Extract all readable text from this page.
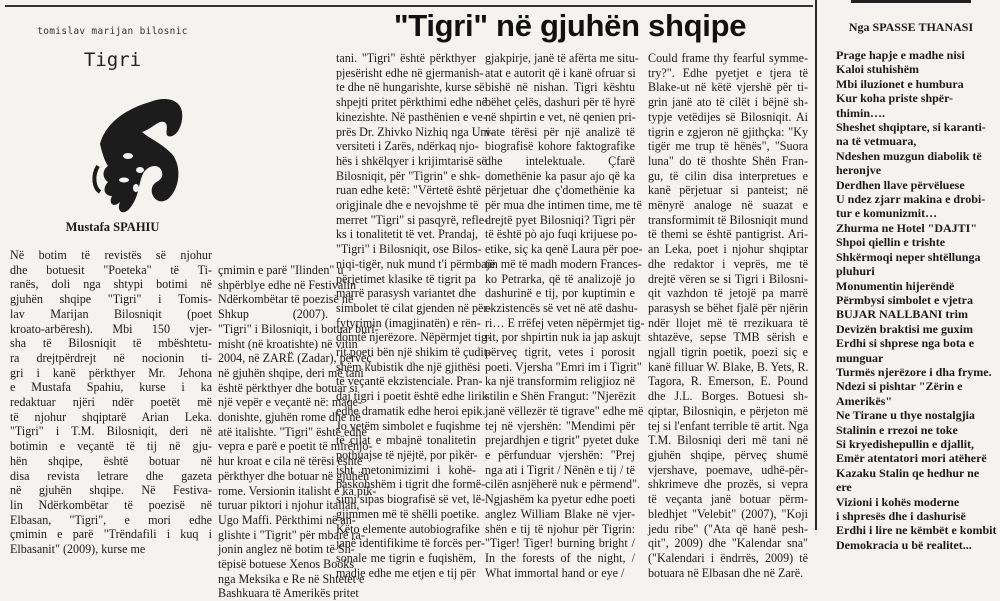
tomislav marijan bilosnic
Tigri
"Tigri" në gjuhën shqipe
Mustafa SPAHIU
Në botim të revistës së njohur
dhe botuesit "Poeteka" të Ti-
ranës, doli nga shtypi botimi në
gjuhën shqipe "Tigri" i Tomis-
lav Marijan Bilosniqit (poet
kroato-arbëresh). Mbi 150 vjer-
sha të Bilosniqit të mbështetu-
ra drejtpërdrejt në nocionin ti-
gri i kanë përkthyer Mr. Jehona
e Mustafa Spahiu, kurse i ka
redaktuar njëri ndër poetët më
të njohur shqiptarë Arian Leka.
"Tigri" i T.M. Bilosniqit, deri në
botimin e veçantë të tij në gju-
hën shqipe, është botuar në
disa revista letrare dhe gazeta
në gjuhën shqipe. Në Festiva-
lin Ndërkombëtar të poezisë në
Elbasan, "Tigri", e mori edhe
çmimin e parë "Trëndafili i kuq i
Elbasanit" (2009), kurse me
çmimin e parë "Ilinden" u
shpërblye edhe në Festivalin
Ndërkombëtar të poezisë në
Shkup (2007).
"Tigri" i Bilosniqit, i botuar buri-
misht (në kroatishte) në vitin
2004, në ZARË (Zadar), përveç
në gjuhën shqipe, deri më tani
është përkthyer dhe botuar si
një vepër e veçantë në: maqe-
donishte, gjuhën rome dhe në
atë italishte. "Tigri" është edhe
vepra e parë e poetit të mirënjo-
hur kroat e cila në tërësi është
përkthyer dhe botuar në gjuhën
rome. Versionin italisht e ka pik-
turuar piktori i njohur italian,
Ugo Maffi. Përkthimi në an-
glishte i "Tigrit" për mbarë ra-
jonin anglez në botim të Sh-
tëpisë botuese Xenos Books
nga Meksika e Re në Shtetet e
Bashkuara të Amerikës pritet
tani. "Tigri" është përkthyer
pjesërisht edhe në gjermanish-
te dhe në hungarishte, kurse së
shpejti pritet përkthimi edhe në
kinezishte. Në pasthënien e ve-
prës Dr. Zhivko Nizhiq nga Uni-
versiteti i Zarës, ndërkaq njo-
hës i shkëlqyer i krijimtarisë së
Bilosniqit, për "Tigrin" e shk-
ruan edhe ketë: "Vërtetë është
origjinale dhe e nevojshme të
merret "Tigri" si pasqyrë, refle-
ks i tonalitetit të vet. Prandaj,
"Tigri" i Bilosniqit, ose Bilos-
niqi-tigër, nuk mund t'i përmbajë
përjetimet klasike të tigrit pa
marrë parasysh variantet dhe
simbolet të cilat gjenden në për-
fytyrimin (imagjinatën) e rën-
domtë njerëzore. Nëpërmjet tig-
rit poeti bën një shikim të çudit-
shëm kubistik dhe një gjithësi
të veçantë ekzistenciale. Pran-
daj tigri i poetit është edhe lirik
edhe dramatik edhe heroi epik.
Jo vetëm simbolet e fuqishme
të cilat e mbajnë tonalitetin
pothuajse të njëjtë, por pikër-
isht metonimizimi i kohë-
paskohshëm i tigrit dhe formë-
simi sipas biografisë së vet, lë-
gjimmen më të shëlli poetike.
Këto elemente autobiografike
janë identifikime të forcës per-
sonale me tigrin e fuqishëm,
madje edhe me etjen e tij për
gjakpirje, janë të afërta me situ-
atat e autorit që i kanë ofruar si
bishë në nishan. Tigri kështu
bëhet çelës, dashuri për të hyrë
në shpirtin e vet, në qenien pri-
vate tërësi për një analizë të
biografisë kohore faktografike
dhe intelektuale. Çfarë
domethënie ka pasur ajo që ka
përjetuar dhe ç'domethënie ka
për mua dhe intimen time, me të
drejtë pyet Bilosniqi? Tigri për
të është pò ajo fuqi krijuese po-
etike, siç ka qenë Laura për poe-
tin më të madh modern Frances-
ko Petrarka, që të analizojë jo
dashurinë e tij, por kuptimin e
ekzistencës së vet në atë dashu-
ri… E rrëfej veten nëpërmjet tig-
rit, por shpirtin nuk ia jap askujt
përveç tigrit, vetes i porosit
poeti. Vjersha "Emri im i Tigrit"
ka një transformim religjioz në
stilin e Shën Frangut: "Njerëzit
janë vëllezër të tigrave" edhe më
tej në vjershën: "Mendimi për
prejardhjen e tigrit" pyetet duke
e përfunduar vjershën: "Prej
nga ati i Tigrit / Nënën e tij / të
cilën asnjëherë nuk e përmend".
Ngjashëm ka pyetur edhe poeti
anglez William Blake në vjer-
shën e tij të njohur për Tigrin:
"Tiger! Tiger! burning bright /
In the forests of the night, /
What immortal hand or eye /
Could frame thy fearful symme-
try?". Edhe pyetjet e tjera të
Blake-ut në këtë vjershë për ti-
grin janë ato të cilët i bëjnë sh-
typje vetëdijes së Bilosniqit. Ai
tigrin e zgjeron në gjithçka: "Ky
tigër me trup të hënës", "Suora
luna" do të thoshte Shën Fran-
gu, të cilin disa interpretues e
kanë përjetuar si panteist; në
mënyrë analoge në suazat e
transformimit të Bilosniqit mund
të themi se është pantigrist. Ari-
an Leka, poet i njohur shqiptar
dhe redaktor i veprës, me të
drejtë vëren se si Tigri i Bilosni-
qit vazhdon të jetojë pa marrë
parasysh se bëhet fjalë për njërin
ndër llojet më të rrezikuara të
shtazëve, sepse TMB sërish e
ngjall tigrin poetik, poezi siç e
kanë filluar W. Blake, B. Yets, R.
Tagora, R. Emerson, E. Pound
dhe J.L. Borges. Botuesi sh-
qiptar, Bilosniqin, e përjeton më
tej si l'enfant terrible të artit. Nga
T.M. Bilosniqi deri më tani në
gjuhën shqipe, përveç shumë
vjershave, poemave, udhë-për-
shkrimeve dhe prozës, si vepra
të veçanta janë botuar përm-
bledhjet "Velebit" (2007), "Koji
jedu ribe" ("Ata që hanë pesh-
qit", 2009) dhe "Kalendar sna"
("Kalendari i ëndrrës, 2009) të
botuara në Elbasan dhe në Zarë.
Nga SPASSE THANASI
Prage hapje e madhe nisi
Kaloi stuhishëm
Mbi iluzionet e humbura
Kur koha priste shpër-
thimin….
Sheshet shqiptare, si karanti-
na të vetmuara,
Ndeshen muzgun diabolik të
heronjve
Derdhen llave përvëluese
U ndez zjarr makina e drobi-
tur e komunizmit…
Zhurma ne Hotel "DAJTI"
Shpoi qiellin e trishte
Shkërmoqi neper shtëllunga
pluhuri
Monumentin hijerëndë
Përmbysi simbolet e vjetra
BUJAR NALLBANI trim
Devizën braktisi me guxim
Erdhi si shprese nga bota e
munguar
Turmës njerëzore i dha fryme.
Ndezi si pishtar "Zërin e
Amerikës"
Ne Tirane u thye nostalgjia
Stalinin e rrezoi ne toke
Si kryedishepullin e djallit,
Emër atentatori mori atëherë
Kazaku Stalin qe hedhur ne
ere
Vizioni i kohës moderne
i shpresës dhe i dashurisë
Erdhi i lire ne këmbët e kombit
Demokracia u bë realitet...
